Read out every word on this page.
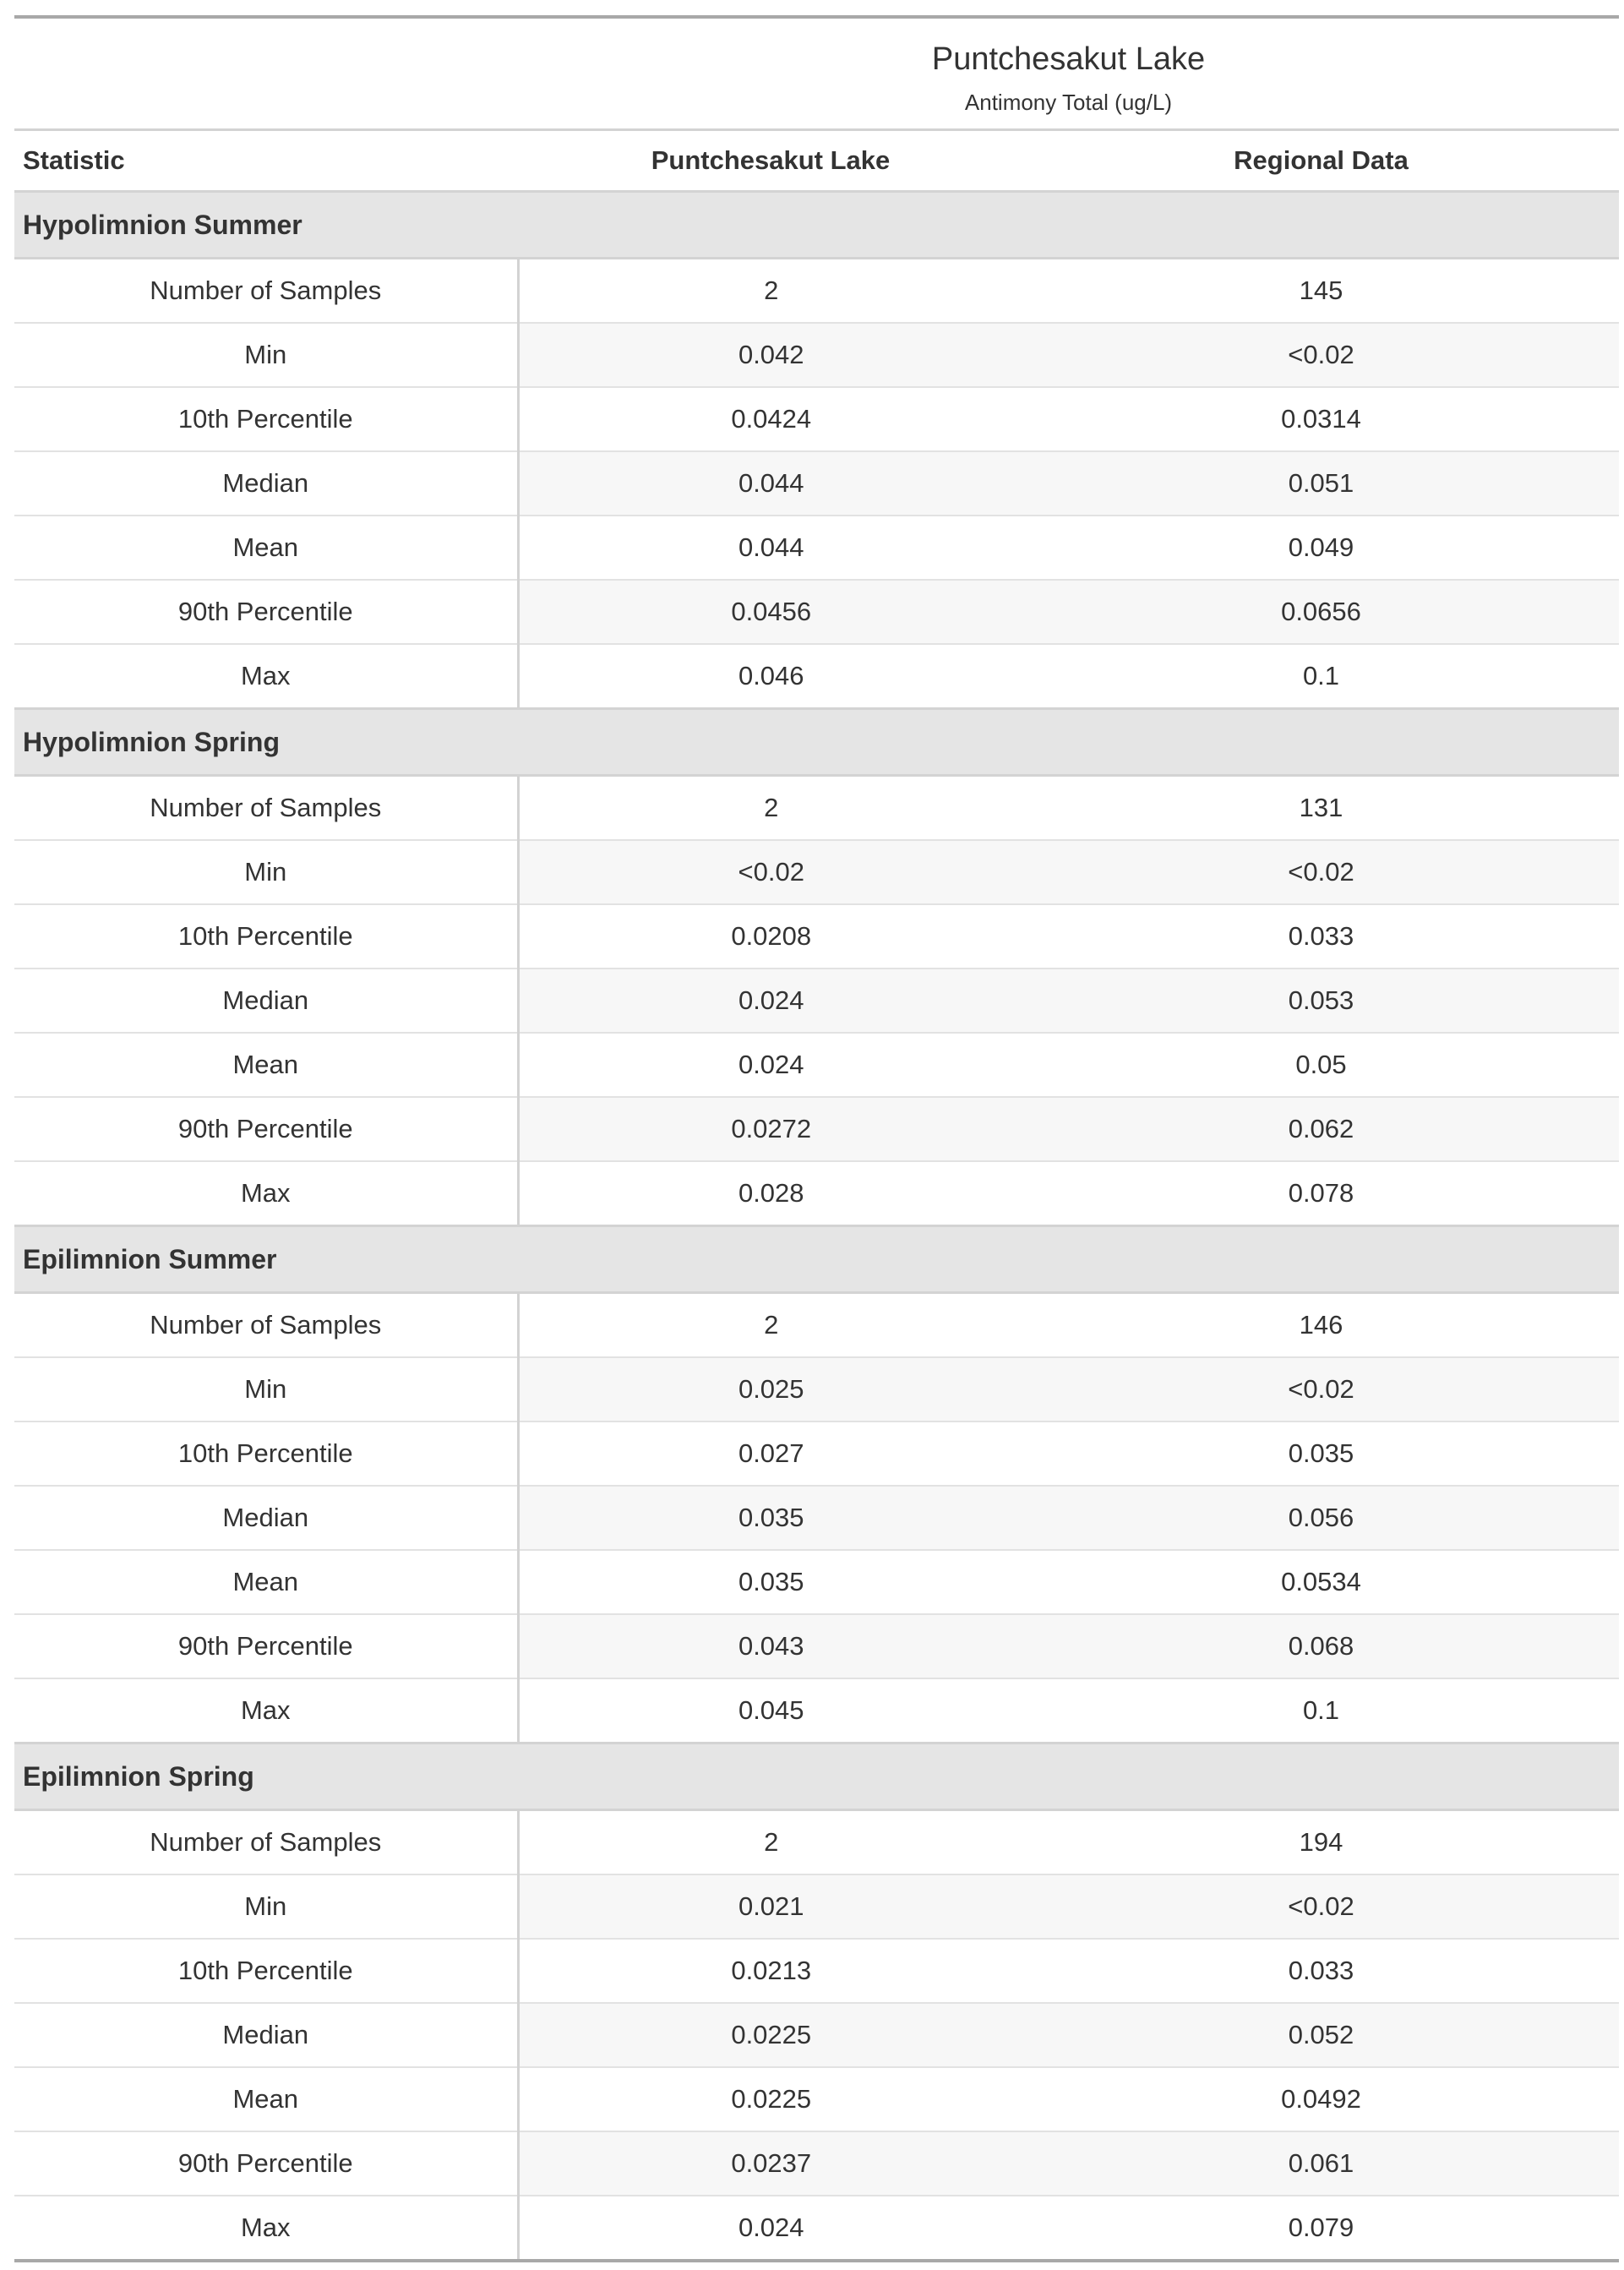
Puntchesakut Lake		

Antimony Total (ug/L)		

Statistic	Puntchesakut Lake	Regional Data
Hypolimnion Summer		
Number of Samples	2	145
Min	0.042	<0.02
10th Percentile	0.0424	0.0314
Median	0.044	0.051
Mean	0.044	0.049
90th Percentile	0.0456	0.0656
Max	0.046	0.1
Hypolimnion Spring		
Number of Samples	2	131
Min	<0.02	<0.02
10th Percentile	0.0208	0.033
Median	0.024	0.053
Mean	0.024	0.05
90th Percentile	0.0272	0.062
Max	0.028	0.078
Epilimnion Summer		
Number of Samples	2	146
Min	0.025	<0.02
10th Percentile	0.027	0.035
Median	0.035	0.056
Mean	0.035	0.0534
90th Percentile	0.043	0.068
Max	0.045	0.1
Epilimnion Spring		
Number of Samples	2	194
Min	0.021	<0.02
10th Percentile	0.0213	0.033
Median	0.0225	0.052
Mean	0.0225	0.0492
90th Percentile	0.0237	0.061
Max	0.024	0.079
